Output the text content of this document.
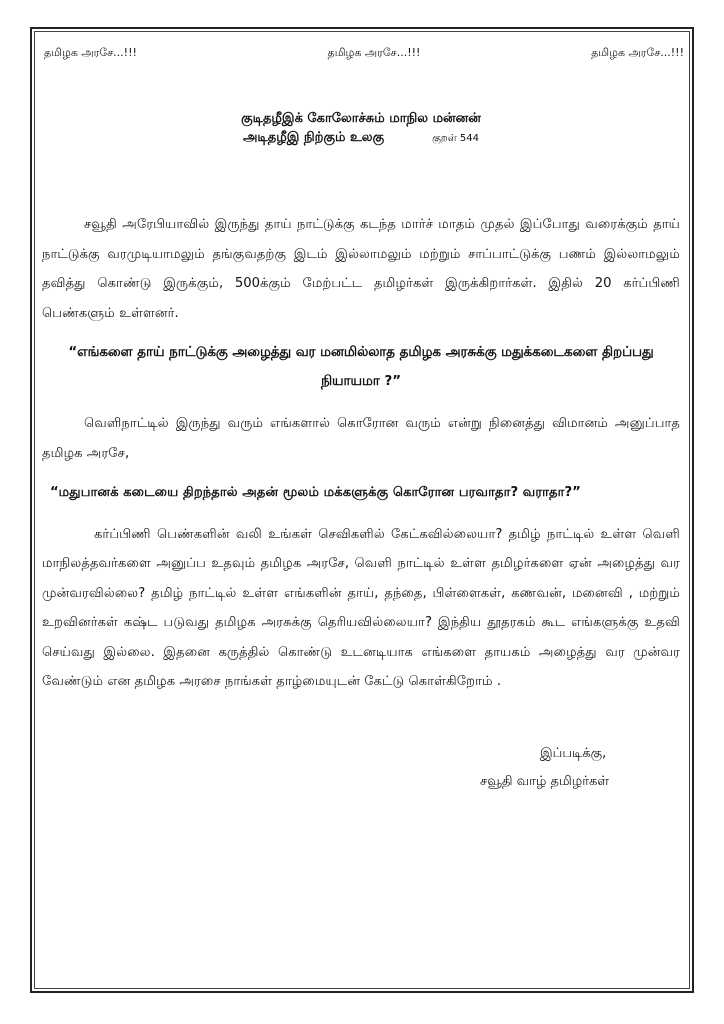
தமிழக அரசே...!!!	தமிழக அரசே...!!!	தமிழக அரசே...!!!
குடிதழீஇக் கோலோச்சும் மாநில மன்னன்
அடிதழீஇ நிற்கும் உலகு	குறள் 544

சவூதி அரேபியாவில் இருந்து தாய் நாட்டுக்கு கடந்த மார்ச் மாதம் முதல் இப்போது வரைக்கும் தாய் நாட்டுக்கு வரமுடியாமலும் தங்குவதற்கு இடம் இல்லாமலும் மற்றும் சாப்பாட்டுக்கு பணம் இல்லாமலும் தவித்து கொண்டு இருக்கும், 500க்கும் மேற்பட்ட தமிழர்கள் இருக்கிறார்கள். இதில் 20 கர்ப்பிணி பெண்களும் உள்ளனர்.

“எங்களை தாய் நாட்டுக்கு அழைத்து வர மனமில்லாத தமிழக அரசுக்கு மதுக்கடைகளை திறப்பது நியாயமா ?”

வெளிநாட்டில் இருந்து வரும் எங்களால் கொரோன வரும் என்று நினைத்து விமானம் அனுப்பாத தமிழக அரசே,

“மதுபானக் கடையை திறந்தால் அதன் மூலம் மக்களுக்கு கொரோன பரவாதா? வராதா?”

கர்ப்பிணி பெண்களின் வலி உங்கள் செவிகளில் கேட்கவில்லையா? தமிழ் நாட்டில் உள்ள வெளி மாநிலத்தவர்களை அனுப்ப உதவும் தமிழக அரசே, வெளி நாட்டில் உள்ள தமிழர்களை ஏன் அழைத்து வர முன்வரவில்லை? தமிழ் நாட்டில் உள்ள எங்களின் தாய், தந்தை, பிள்ளைகள், கணவன், மனைவி , மற்றும் உறவினர்கள் கஷ்ட படுவது தமிழக அரசுக்கு தெரியவில்லையா? இந்திய தூதரகம் கூட எங்களுக்கு உதவி செய்வது இல்லை. இதனை கருத்தில் கொண்டு உடனடியாக எங்களை தாயகம் அழைத்து வர முன்வர வேண்டும் என தமிழக அரசை நாங்கள் தாழ்மையுடன் கேட்டு கொள்கிறோம் .

இப்படிக்கு,
சவூதி வாழ் தமிழர்கள்
